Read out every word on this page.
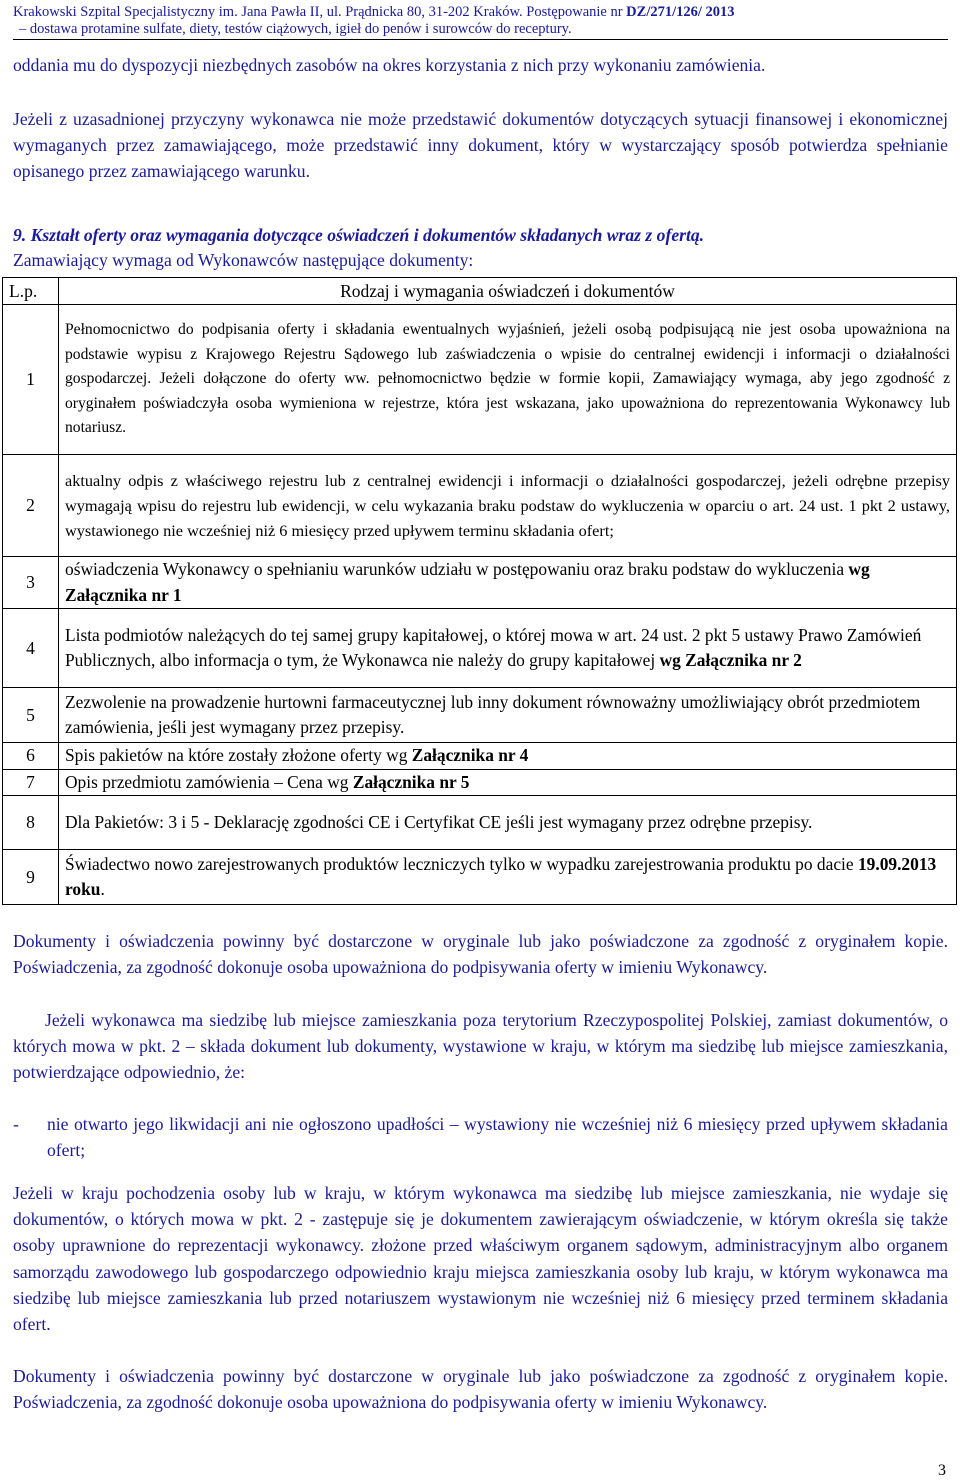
Krakowski Szpital Specjalistyczny im. Jana Pawła II, ul. Prądnicka 80, 31-202 Kraków. Postępowanie nr DZ/271/126/ 2013
– dostawa protamine sulfate, diety, testów ciążowych, igieł do penów i surowców do receptury.
oddania mu do dyspozycji niezbędnych zasobów na okres korzystania z nich przy wykonaniu zamówienia.
Jeżeli z uzasadnionej przyczyny wykonawca nie może przedstawić dokumentów dotyczących sytuacji finansowej i ekonomicznej wymaganych przez zamawiającego, może przedstawić inny dokument, który w wystarczający sposób potwierdza spełnianie opisanego przez zamawiającego warunku.
9. Kształt oferty oraz wymagania dotyczące oświadczeń i dokumentów składanych wraz z ofertą.
Zamawiający wymaga od Wykonawców następujące dokumenty:
L.p.	Rodzaj i wymagania oświadczeń i dokumentów
1	Pełnomocnictwo do podpisania oferty i składania ewentualnych wyjaśnień, jeżeli osobą podpisującą nie jest osoba upoważniona na podstawie wypisu z Krajowego Rejestru Sądowego lub zaświadczenia o wpisie do centralnej ewidencji i informacji o działalności gospodarczej. Jeżeli dołączone do oferty ww. pełnomocnictwo będzie w formie kopii, Zamawiający wymaga, aby jego zgodność z oryginałem poświadczyła osoba wymieniona w rejestrze, która jest wskazana, jako upoważniona do reprezentowania Wykonawcy lub notariusz.
2	aktualny odpis z właściwego rejestru lub z centralnej ewidencji i informacji o działalności gospodarczej, jeżeli odrębne przepisy wymagają wpisu do rejestru lub ewidencji, w celu wykazania braku podstaw do wykluczenia w oparciu o art. 24 ust. 1 pkt 2 ustawy, wystawionego nie wcześniej niż 6 miesięcy przed upływem terminu składania ofert;
3	oświadczenia Wykonawcy o spełnianiu warunków udziału w postępowaniu oraz braku podstaw do wykluczenia wg Załącznika nr 1
4	Lista podmiotów należących do tej samej grupy kapitałowej, o której mowa w art. 24 ust. 2 pkt 5 ustawy Prawo Zamówień Publicznych, albo informacja o tym, że Wykonawca nie należy do grupy kapitałowej wg Załącznika nr 2
5	Zezwolenie na prowadzenie hurtowni farmaceutycznej lub inny dokument równoważny umożliwiający obrót przedmiotem zamówienia, jeśli jest wymagany przez przepisy.
6	Spis pakietów na które zostały złożone oferty wg Załącznika nr 4
7	Opis przedmiotu zamówienia – Cena wg Załącznika nr 5
8	Dla Pakietów: 3 i 5 - Deklarację zgodności CE i Certyfikat CE jeśli jest wymagany przez odrębne przepisy.
9	Świadectwo nowo zarejestrowanych produktów leczniczych tylko w wypadku zarejestrowania produktu po dacie 19.09.2013 roku.
Dokumenty i oświadczenia powinny być dostarczone w oryginale lub jako poświadczone za zgodność z oryginałem kopie. Poświadczenia, za zgodność dokonuje osoba upoważniona do podpisywania oferty w imieniu Wykonawcy.
Jeżeli wykonawca ma siedzibę lub miejsce zamieszkania poza terytorium Rzeczypospolitej Polskiej, zamiast dokumentów, o których mowa w pkt. 2 – składa dokument lub dokumenty, wystawione w kraju, w którym ma siedzibę lub miejsce zamieszkania, potwierdzające odpowiednio, że:
-	nie otwarto jego likwidacji ani nie ogłoszono upadłości – wystawiony nie wcześniej niż 6 miesięcy przed upływem składania ofert;
Jeżeli w kraju pochodzenia osoby lub w kraju, w którym wykonawca ma siedzibę lub miejsce zamieszkania, nie wydaje się dokumentów, o których mowa w pkt. 2 - zastępuje się je dokumentem zawierającym oświadczenie, w którym określa się także osoby uprawnione do reprezentacji wykonawcy. złożone przed właściwym organem sądowym, administracyjnym albo organem samorządu zawodowego lub gospodarczego odpowiednio kraju miejsca zamieszkania osoby lub kraju, w którym wykonawca ma siedzibę lub miejsce zamieszkania lub przed notariuszem wystawionym nie wcześniej niż 6 miesięcy przed terminem składania ofert.
Dokumenty i oświadczenia powinny być dostarczone w oryginale lub jako poświadczone za zgodność z oryginałem kopie. Poświadczenia, za zgodność dokonuje osoba upoważniona do podpisywania oferty w imieniu Wykonawcy.
3
